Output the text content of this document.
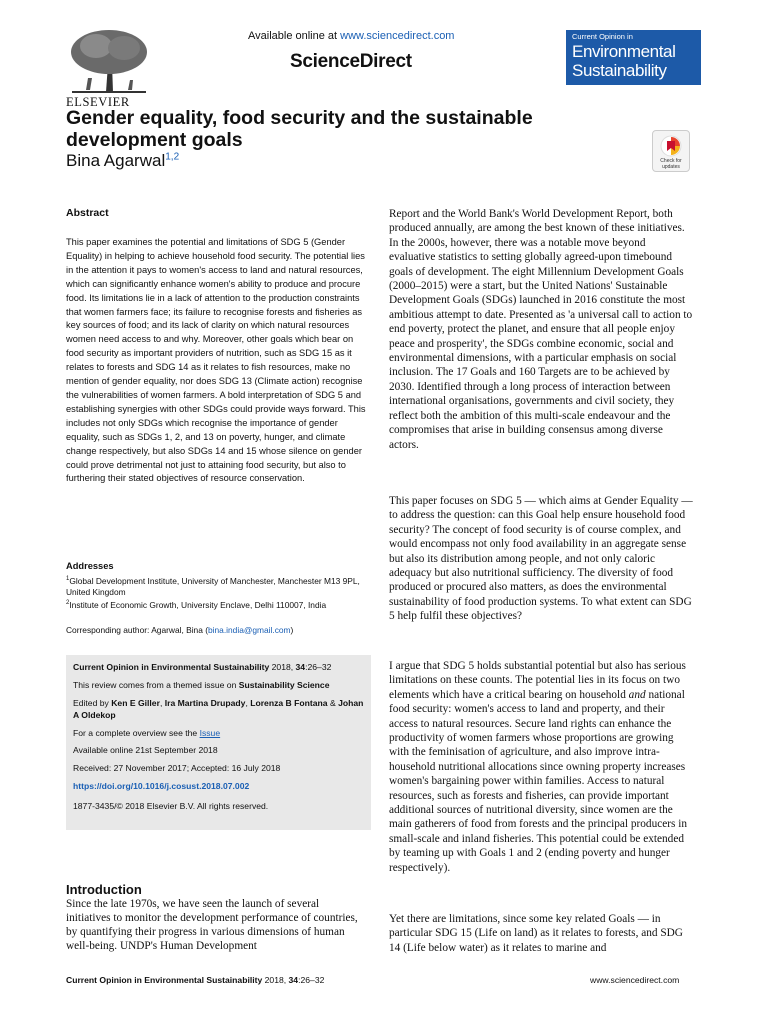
ELSEVIER
Available online at www.sciencedirect.com
ScienceDirect
Current Opinion in
Environmental
Sustainability
Gender equality, food security and the sustainable development goals
Bina Agarwal$^{1,2}$	Check for updates
Abstract
This paper examines the potential and limitations of SDG 5 (Gender Equality) in helping to achieve household food security. The potential lies in the attention it pays to women's access to land and natural resources, which can significantly enhance women's ability to produce and procure food. Its limitations lie in a lack of attention to the production constraints that women farmers face; its failure to recognise forests and fisheries as key sources of food; and its lack of clarity on which natural resources women need access to and why. Moreover, other goals which bear on food security as important providers of nutrition, such as SDG 15 as it relates to forests and SDG 14 as it relates to fish resources, make no mention of gender equality, nor does SDG 13 (Climate action) recognise the vulnerabilities of women farmers. A bold interpretation of SDG 5 and establishing synergies with other SDGs could provide ways forward. This includes not only SDGs which recognise the importance of gender equality, such as SDGs 1, 2, and 13 on poverty, hunger, and climate change respectively, but also SDGs 14 and 15 whose silence on gender could prove detrimental not just to attaining food security, but also to furthering their stated objectives of resource conservation.
Addresses
$^1$Global Development Institute, University of Manchester, Manchester M13 9PL, United Kingdom
$^2$Institute of Economic Growth, University Enclave, Delhi 110007, India
Corresponding author: Agarwal, Bina (bina.india@gmail.com)
Current Opinion in Environmental Sustainability 2018, 34:26–32
This review comes from a themed issue on Sustainability Science
Edited by Ken E Giller, Ira Martina Drupady, Lorenza B Fontana & Johan A Oldekop
For a complete overview see the Issue
Available online 21st September 2018
Received: 27 November 2017; Accepted: 16 July 2018
https://doi.org/10.1016/j.cosust.2018.07.002
1877-3435/© 2018 Elsevier B.V. All rights reserved.
Introduction
Since the late 1970s, we have seen the launch of several initiatives to monitor the development performance of countries, by quantifying their progress in various dimensions of human well-being. UNDP's Human Development
Report and the World Bank's World Development Report, both produced annually, are among the best known of these initiatives. In the 2000s, however, there was a notable move beyond evaluative statistics to setting globally agreed-upon timebound goals of development. The eight Millennium Development Goals (2000–2015) were a start, but the United Nations' Sustainable Development Goals (SDGs) launched in 2016 constitute the most ambitious attempt to date. Presented as 'a universal call to action to end poverty, protect the planet, and ensure that all people enjoy peace and prosperity', the SDGs combine economic, social and environmental dimensions, with a particular emphasis on social inclusion. The 17 Goals and 160 Targets are to be achieved by 2030. Identified through a long process of interaction between international organisations, governments and civil society, they reflect both the ambition of this multi-scale endeavour and the compromises that arise in building consensus among diverse actors.
This paper focuses on SDG 5 — which aims at Gender Equality — to address the question: can this Goal help ensure household food security? The concept of food security is of course complex, and would encompass not only food availability in an aggregate sense but also its distribution among people, and not only caloric adequacy but also nutritional sufficiency. The diversity of food produced or procured also matters, as does the environmental sustainability of food production systems. To what extent can SDG 5 help fulfil these objectives?
I argue that SDG 5 holds substantial potential but also has serious limitations on these counts. The potential lies in its focus on two elements which have a critical bearing on household and national food security: women's access to land and property, and their access to natural resources. Secure land rights can enhance the productivity of women farmers whose proportions are growing with the feminisation of agriculture, and also improve intra-household nutritional allocations since owning property increases women's bargaining power within families. Access to natural resources, such as forests and fisheries, can provide important additional sources of nutritional diversity, since women are the main gatherers of food from forests and the principal producers in small-scale and inland fisheries. This potential could be extended by teaming up with Goals 1 and 2 (ending poverty and hunger respectively).
Yet there are limitations, since some key related Goals — in particular SDG 15 (Life on land) as it relates to forests, and SDG 14 (Life below water) as it relates to marine and
Current Opinion in Environmental Sustainability 2018, 34:26–32	www.sciencedirect.com
